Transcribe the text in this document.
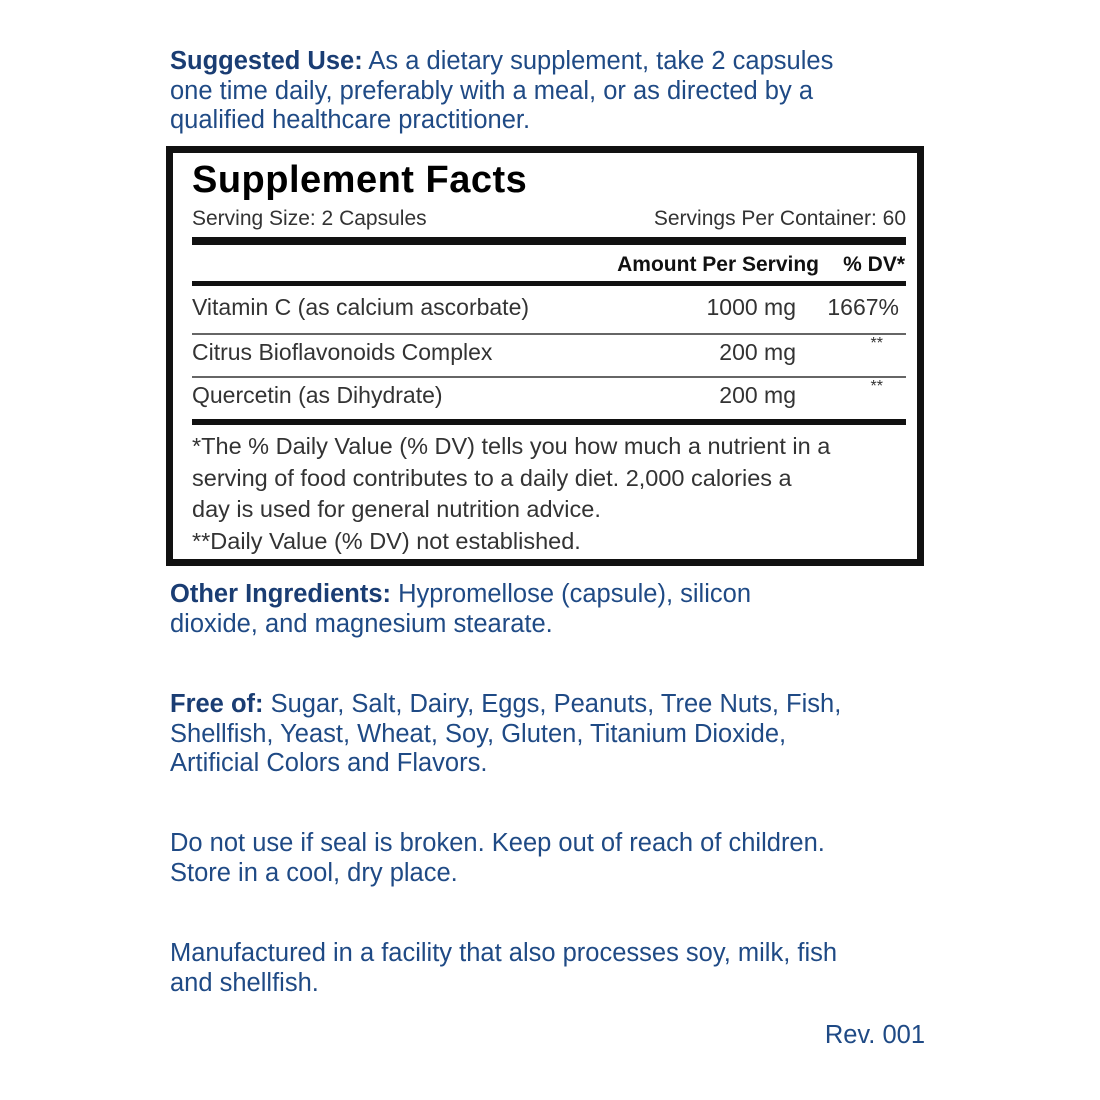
Suggested Use: As a dietary supplement, take 2 capsules
one time daily, preferably with a meal, or as directed by a
qualified healthcare practitioner.
Supplement Facts
Serving Size: 2 Capsules	Servings Per Container: 60
Amount Per Serving % DV*
Vitamin C (as calcium ascorbate)	1000 mg 1667%
Citrus Bioflavonoids Complex	200 mg	**
Quercetin (as Dihydrate)	200 mg	**
*The % Daily Value (% DV) tells you how much a nutrient in a
serving of food contributes to a daily diet. 2,000 calories a
day is used for general nutrition advice.
**Daily Value (% DV) not established.
Other Ingredients: Hypromellose (capsule), silicon
dioxide, and magnesium stearate.
Free of: Sugar, Salt, Dairy, Eggs, Peanuts, Tree Nuts, Fish,
Shellfish, Yeast, Wheat, Soy, Gluten, Titanium Dioxide,
Artificial Colors and Flavors.
Do not use if seal is broken. Keep out of reach of children.
Store in a cool, dry place.
Manufactured in a facility that also processes soy, milk, fish
and shellfish.
Rev. 001
